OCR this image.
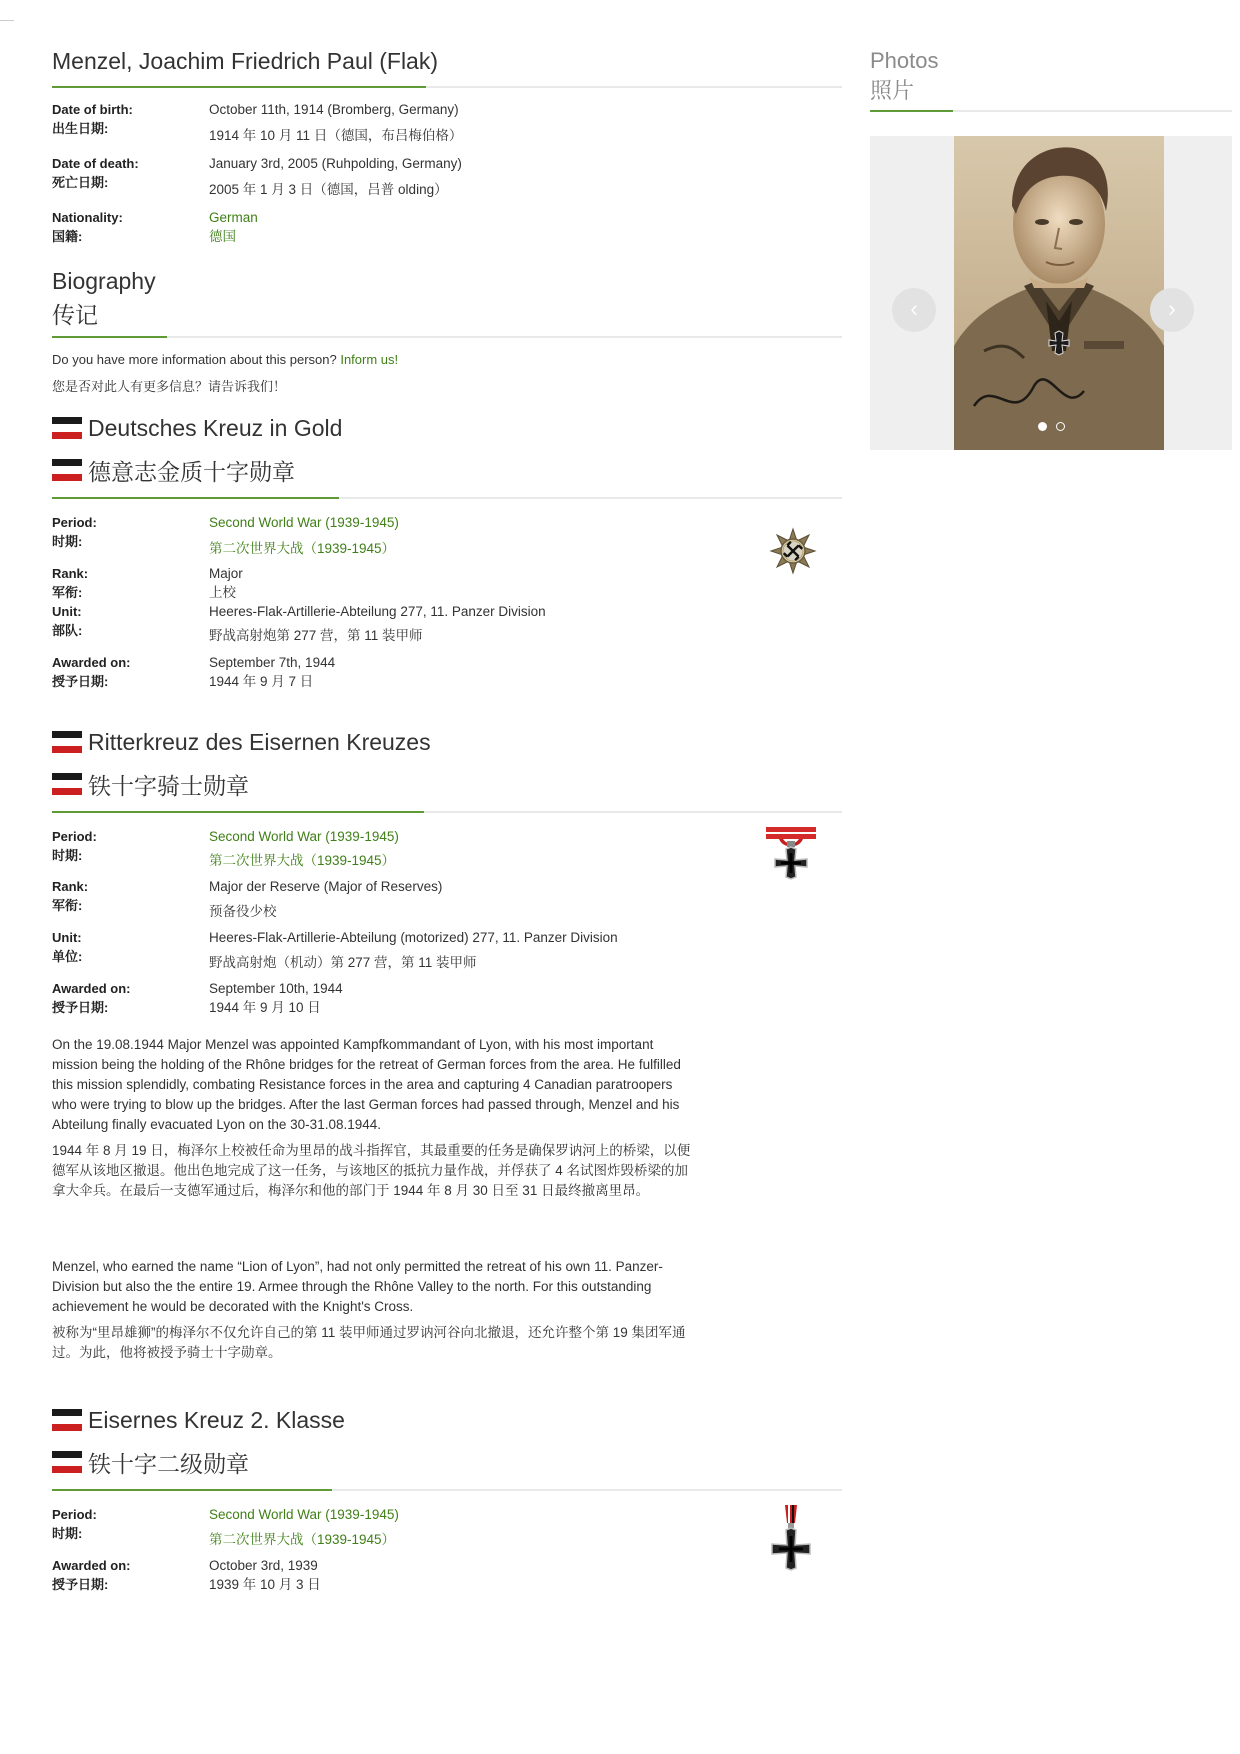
Menzel, Joachim Friedrich Paul (Flak)
Date of birth:
出生日期:
October 11th, 1914 (Bromberg, Germany)
1914 年 10 月 11 日（德国，布吕梅伯格）
Date of death:
死亡日期:
January 3rd, 2005 (Ruhpolding, Germany)
2005 年 1 月 3 日（德国，吕普 olding）
Nationality:
国籍:
German
德国
Biography
传记
Do you have more information about this person? Inform us!
您是否对此人有更多信息？请告诉我们！
Deutsches Kreuz in Gold
德意志金质十字勋章
Period:
时期:
Second World War (1939-1945)
第二次世界大战（1939-1945）
Rank:
军衔:
Major
上校
Unit:
部队:
Heeres-Flak-Artillerie-Abteilung 277, 11. Panzer Division
野战高射炮第 277 营，第 11 装甲师
Awarded on:
授予日期:
September 7th, 1944
1944 年 9 月 7 日
Ritterkreuz des Eisernen Kreuzes
铁十字骑士勋章
Period:
时期:
Second World War (1939-1945)
第二次世界大战（1939-1945）
Rank:
军衔:
Major der Reserve (Major of Reserves)
预备役少校
Unit:
单位:
Heeres-Flak-Artillerie-Abteilung (motorized) 277, 11. Panzer Division
野战高射炮（机动）第 277 营，第 11 装甲师
Awarded on:
授予日期:
September 10th, 1944
1944 年 9 月 10 日

On the 19.08.1944 Major Menzel was appointed Kampfkommandant of Lyon, with his most important mission being the holding of the Rhône bridges for the retreat of German forces from the area. He fulfilled this mission splendidly, combating Resistance forces in the area and capturing 4 Canadian paratroopers who were trying to blow up the bridges. After the last German forces had passed through, Menzel and his Abteilung finally evacuated Lyon on the 30-31.08.1944.

1944 年 8 月 19 日，梅泽尔上校被任命为里昂的战斗指挥官，其最重要的任务是确保罗讷河上的桥梁，以便德军从该地区撤退。他出色地完成了这一任务，与该地区的抵抗力量作战，并俘获了 4 名试图炸毁桥梁的加拿大伞兵。在最后一支德军通过后，梅泽尔和他的部门于 1944 年 8 月 30 日至 31 日最终撤离里昂。

Menzel, who earned the name “Lion of Lyon”, had not only permitted the retreat of his own 11. Panzer-Division but also the the entire 19. Armee through the Rhône Valley to the north. For this outstanding achievement he would be decorated with the Knight's Cross.

被称为“里昂雄狮”的梅泽尔不仅允许自己的第 11 装甲师通过罗讷河谷向北撤退，还允许整个第 19 集团军通过。为此，他将被授予骑士十字勋章。

Eisernes Kreuz 2. Klasse
铁十字二级勋章
Period:
时期:
Second World War (1939-1945)
第二次世界大战（1939-1945）
Awarded on:
授予日期:
October 3rd, 1939
1939 年 10 月 3 日
Photos
照片
‹	›
